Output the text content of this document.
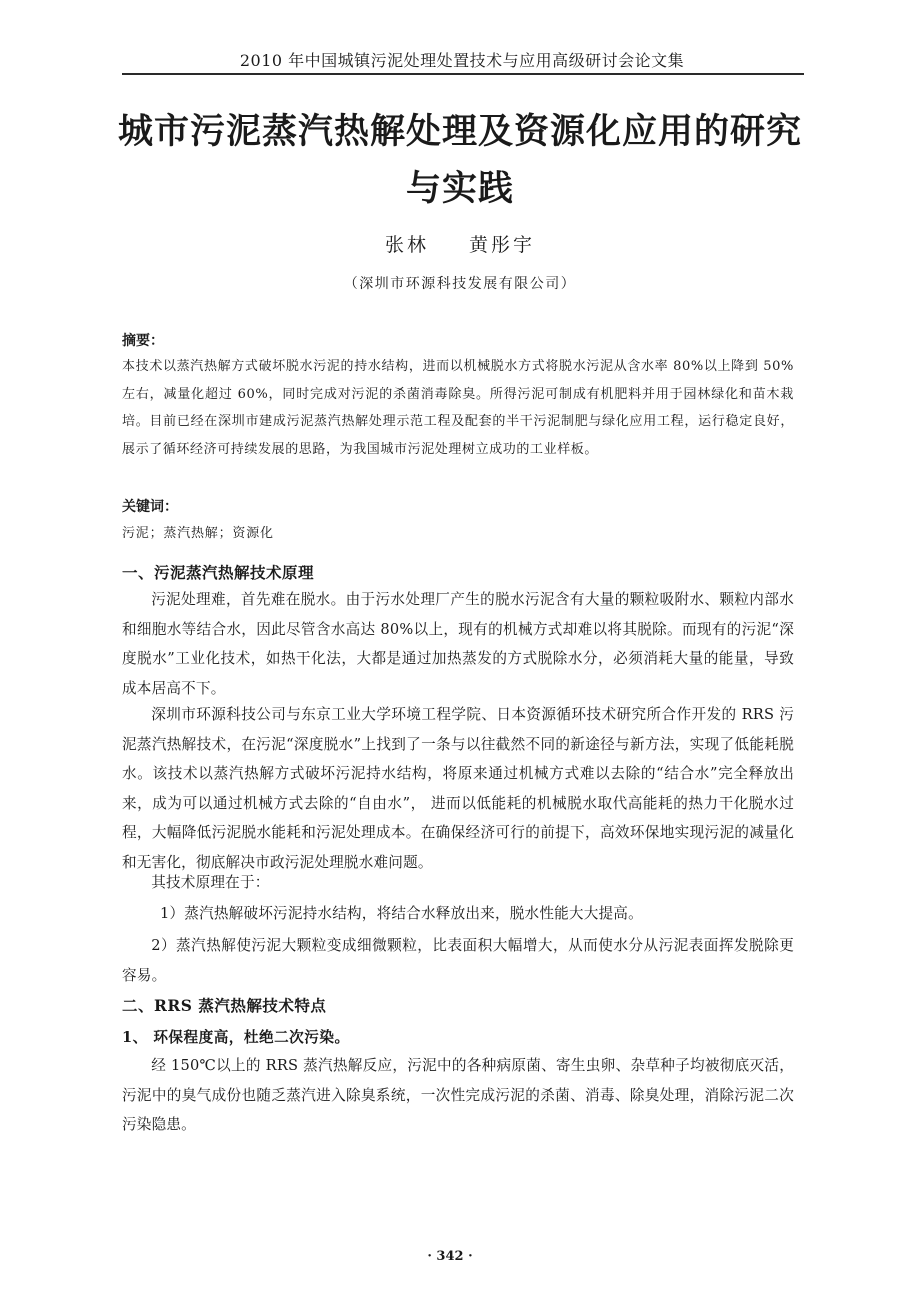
2010 年中国城镇污泥处理处置技术与应用高级研讨会论文集
城市污泥蒸汽热解处理及资源化应用的研究与实践
张林 黄彤宇
（深圳市环源科技发展有限公司）
摘要：
本技术以蒸汽热解方式破坏脱水污泥的持水结构，进而以机械脱水方式将脱水污泥从含水率 80%以上降到 50%左右，减量化超过 60%，同时完成对污泥的杀菌消毒除臭。所得污泥可制成有机肥料并用于园林绿化和苗木栽培。目前已经在深圳市建成污泥蒸汽热解处理示范工程及配套的半干污泥制肥与绿化应用工程，运行稳定良好，展示了循环经济可持续发展的思路，为我国城市污泥处理树立成功的工业样板。
关键词：
污泥；蒸汽热解；资源化
一、污泥蒸汽热解技术原理
污泥处理难，首先难在脱水。由于污水处理厂产生的脱水污泥含有大量的颗粒吸附水、颗粒内部水和细胞水等结合水，因此尽管含水高达 80%以上，现有的机械方式却难以将其脱除。而现有的污泥“深度脱水”工业化技术，如热干化法，大都是通过加热蒸发的方式脱除水分，必须消耗大量的能量，导致成本居高不下。
深圳市环源科技公司与东京工业大学环境工程学院、日本资源循环技术研究所合作开发的 RRS 污泥蒸汽热解技术，在污泥“深度脱水”上找到了一条与以往截然不同的新途径与新方法，实现了低能耗脱水。该技术以蒸汽热解方式破坏污泥持水结构，将原来通过机械方式难以去除的“结合水”完全释放出来，成为可以通过机械方式去除的“自由水”， 进而以低能耗的机械脱水取代高能耗的热力干化脱水过程，大幅降低污泥脱水能耗和污泥处理成本。在确保经济可行的前提下，高效环保地实现污泥的减量化和无害化，彻底解决市政污泥处理脱水难问题。
其技术原理在于：
1）蒸汽热解破坏污泥持水结构，将结合水释放出来，脱水性能大大提高。
2）蒸汽热解使污泥大颗粒变成细微颗粒，比表面积大幅增大，从而使水分从污泥表面挥发脱除更容易。
二、RRS 蒸汽热解技术特点
1、 环保程度高，杜绝二次污染。
经 150℃以上的 RRS 蒸汽热解反应，污泥中的各种病原菌、寄生虫卵、杂草种子均被彻底灭活，污泥中的臭气成份也随乏蒸汽进入除臭系统，一次性完成污泥的杀菌、消毒、除臭处理，消除污泥二次污染隐患。
· 342 ·
